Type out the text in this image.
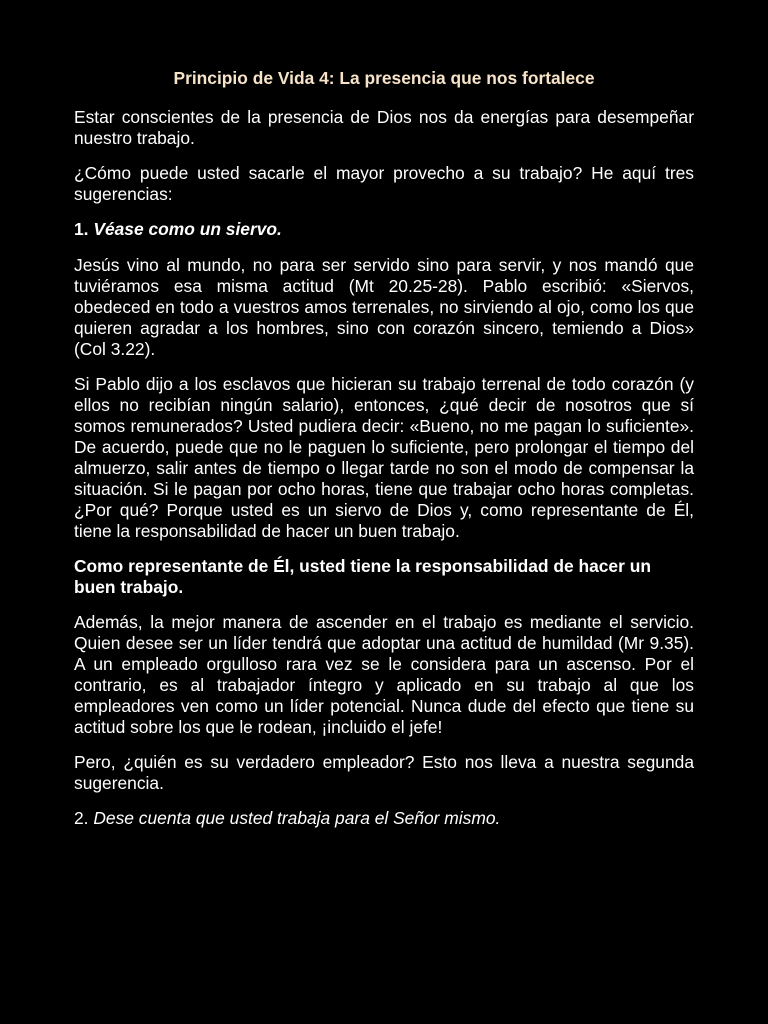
Principio de Vida 4: La presencia que nos fortalece

Estar conscientes de la presencia de Dios nos da energías para desempeñar nuestro trabajo.

¿Cómo puede usted sacarle el mayor provecho a su trabajo? He aquí tres sugerencias:

1. Véase como un siervo.

Jesús vino al mundo, no para ser servido sino para servir, y nos mandó que tuviéramos esa misma actitud (Mt 20.25-28). Pablo escribió: «Siervos, obedeced en todo a vuestros amos terrenales, no sirviendo al ojo, como los que quieren agradar a los hombres, sino con corazón sincero, temiendo a Dios» (Col 3.22).

Si Pablo dijo a los esclavos que hicieran su trabajo terrenal de todo corazón (y ellos no recibían ningún salario), entonces, ¿qué decir de nosotros que sí somos remunerados? Usted pudiera decir: «Bueno, no me pagan lo suficiente». De acuerdo, puede que no le paguen lo suficiente, pero prolongar el tiempo del almuerzo, salir antes de tiempo o llegar tarde no son el modo de compensar la situación. Si le pagan por ocho horas, tiene que trabajar ocho horas completas. ¿Por qué? Porque usted es un siervo de Dios y, como representante de Él, tiene la responsabilidad de hacer un buen trabajo.

Como representante de Él, usted tiene la responsabilidad de hacer un buen trabajo.

Además, la mejor manera de ascender en el trabajo es mediante el servicio. Quien desee ser un líder tendrá que adoptar una actitud de humildad (Mr 9.35). A un empleado orgulloso rara vez se le considera para un ascenso. Por el contrario, es al trabajador íntegro y aplicado en su trabajo al que los empleadores ven como un líder potencial. Nunca dude del efecto que tiene su actitud sobre los que le rodean, ¡incluido el jefe!

Pero, ¿quién es su verdadero empleador? Esto nos lleva a nuestra segunda sugerencia.

2. Dese cuenta que usted trabaja para el Señor mismo.
